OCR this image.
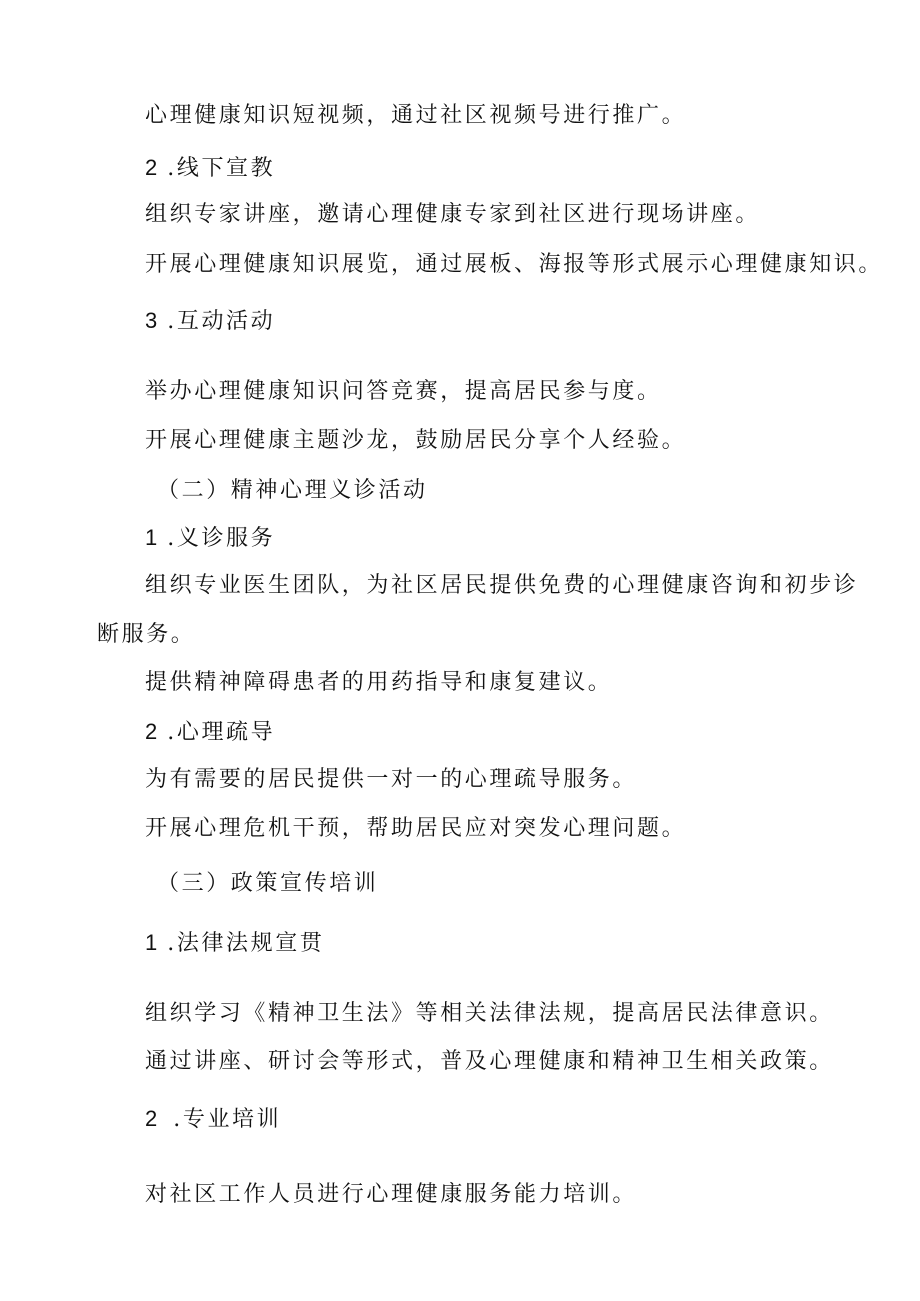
心理健康知识短视频，通过社区视频号进行推广。

2 .线下宣教

组织专家讲座，邀请心理健康专家到社区进行现场讲座。

开展心理健康知识展览，通过展板、海报等形式展示心理健康知识。

3 .互动活动

举办心理健康知识问答竞赛，提高居民参与度。

开展心理健康主题沙龙，鼓励居民分享个人经验。

（二）精神心理义诊活动

1 .义诊服务

组织专业医生团队，为社区居民提供免费的心理健康咨询和初步诊

断服务。

提供精神障碍患者的用药指导和康复建议。

2 .心理疏导

为有需要的居民提供一对一的心理疏导服务。

开展心理危机干预，帮助居民应对突发心理问题。

（三）政策宣传培训

1 .法律法规宣贯

组织学习《精神卫生法》等相关法律法规，提高居民法律意识。

通过讲座、研讨会等形式，普及心理健康和精神卫生相关政策。

2 .专业培训

对社区工作人员进行心理健康服务能力培训。
